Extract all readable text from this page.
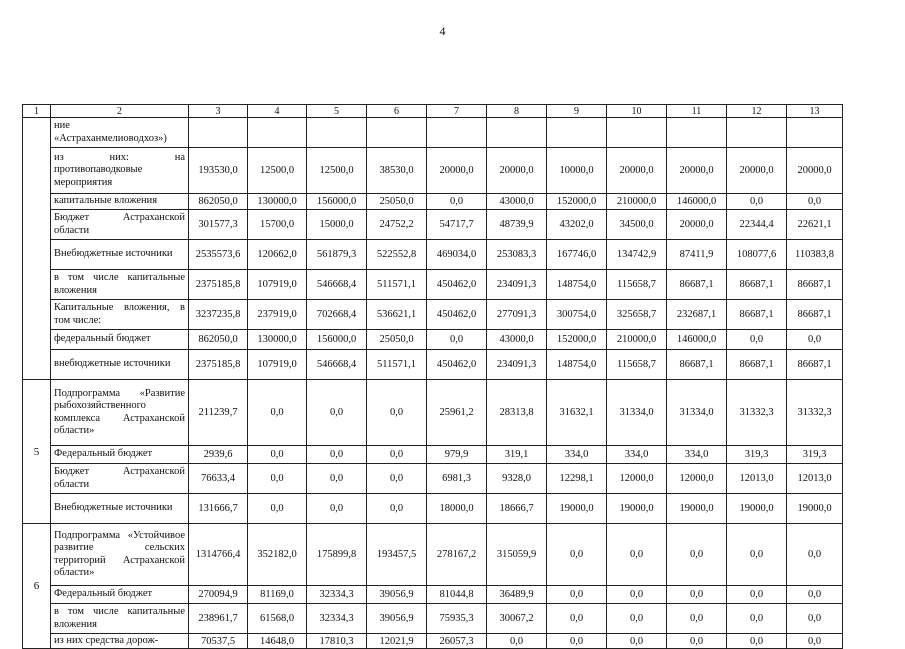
4
1	2	3	4	5	6	7	8	9	10	11	12	13
	ние «Астраханмелиоводхоз»)											
	из них: на противопаводковые мероприятия	193530,0	12500,0	12500,0	38530,0	20000,0	20000,0	10000,0	20000,0	20000,0	20000,0	20000,0
	капитальные вложения	862050,0	130000,0	156000,0	25050,0	0,0	43000,0	152000,0	210000,0	146000,0	0,0	0,0
	Бюджет Астраханской области	301577,3	15700,0	15000,0	24752,2	54717,7	48739,9	43202,0	34500,0	20000,0	22344,4	22621,1
	Внебюджетные источники	2535573,6	120662,0	561879,3	522552,8	469034,0	253083,3	167746,0	134742,9	87411,9	108077,6	110383,8
	в том числе капитальные вложения	2375185,8	107919,0	546668,4	511571,1	450462,0	234091,3	148754,0	115658,7	86687,1	86687,1	86687,1
	Капитальные вложения, в том числе:	3237235,8	237919,0	702668,4	536621,1	450462,0	277091,3	300754,0	325658,7	232687,1	86687,1	86687,1
	федеральный бюджет	862050,0	130000,0	156000,0	25050,0	0,0	43000,0	152000,0	210000,0	146000,0	0,0	0,0
	внебюджетные источники	2375185,8	107919,0	546668,4	511571,1	450462,0	234091,3	148754,0	115658,7	86687,1	86687,1	86687,1
5	Подпрограмма «Развитие рыбохозяйственного комплекса Астраханской области»	211239,7	0,0	0,0	0,0	25961,2	28313,8	31632,1	31334,0	31334,0	31332,3	31332,3
	Федеральный бюджет	2939,6	0,0	0,0	0,0	979,9	319,1	334,0	334,0	334,0	319,3	319,3
	Бюджет Астраханской области	76633,4	0,0	0,0	0,0	6981,3	9328,0	12298,1	12000,0	12000,0	12013,0	12013,0
	Внебюджетные источники	131666,7	0,0	0,0	0,0	18000,0	18666,7	19000,0	19000,0	19000,0	19000,0	19000,0
6	Подпрограмма «Устойчивое развитие сельских территорий Астраханской области»	1314766,4	352182,0	175899,8	193457,5	278167,2	315059,9	0,0	0,0	0,0	0,0	0,0
	Федеральный бюджет	270094,9	81169,0	32334,3	39056,9	81044,8	36489,9	0,0	0,0	0,0	0,0	0,0
	в том числе капитальные вложения	238961,7	61568,0	32334,3	39056,9	75935,3	30067,2	0,0	0,0	0,0	0,0	0,0
	из них средства дорож-	70537,5	14648,0	17810,3	12021,9	26057,3	0,0	0,0	0,0	0,0	0,0	0,0
